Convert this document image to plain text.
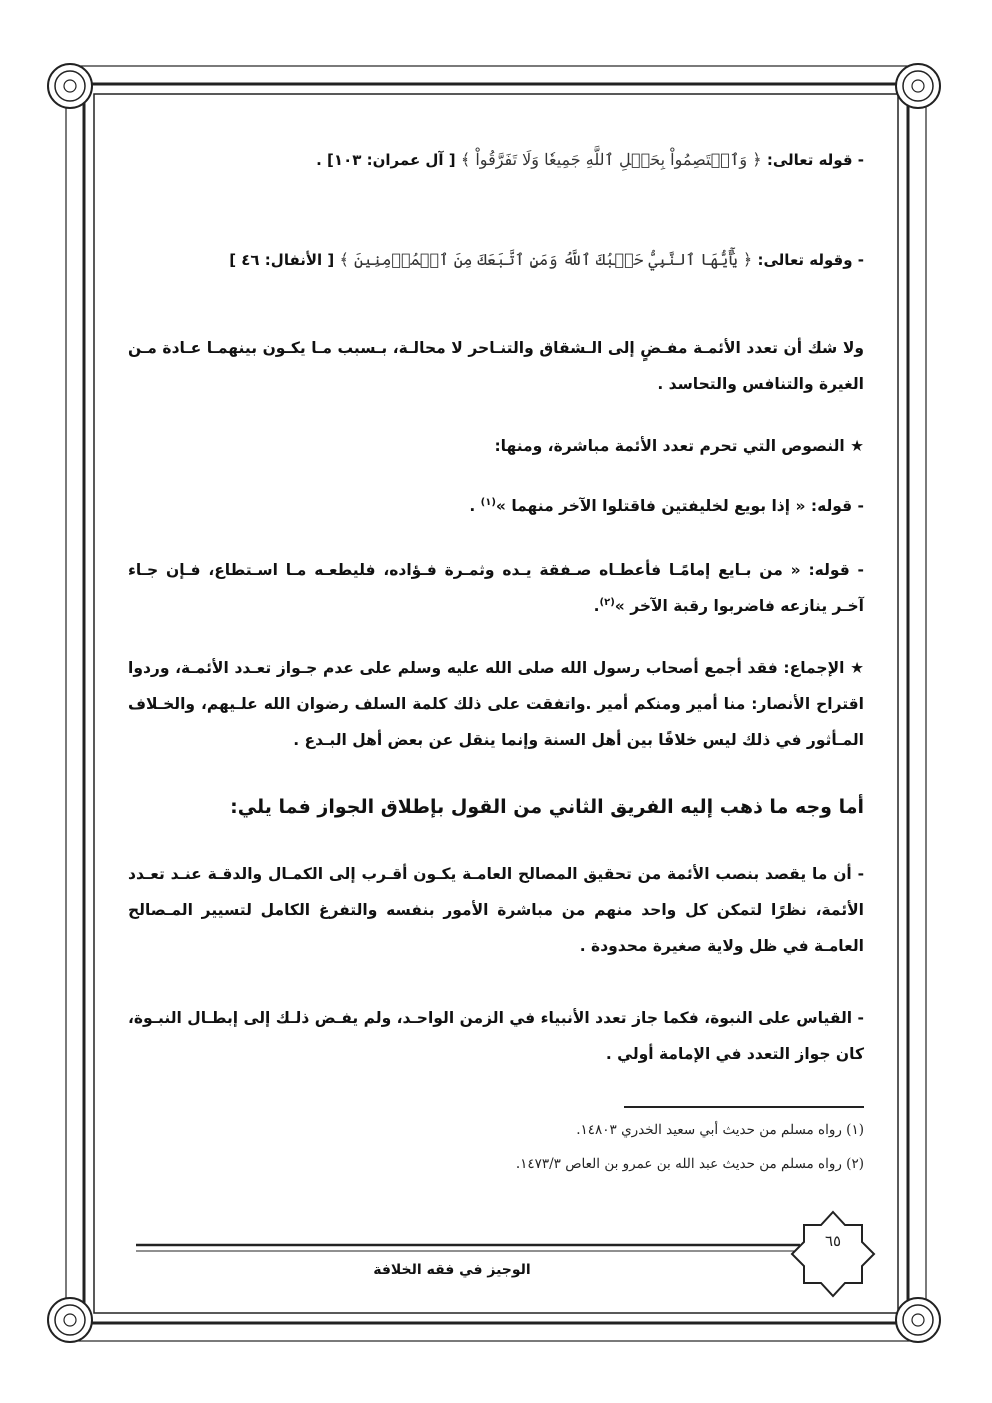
- قوله تعالى: ﴿ وَٱعۡتَصِمُواْ بِحَبۡلِ ٱللَّهِ جَمِيعٗا وَلَا تَفَرَّقُواْ ﴾ [ آل عمران: ١٠٣] .
- وقوله تعالى: ﴿ يَٰٓأَيُّهَا ٱلنَّبِيُّ حَسۡبُكَ ٱللَّهُ وَمَنِ ٱتَّبَعَكَ مِنَ ٱلۡمُؤۡمِنِينَ ﴾ [ الأنفال: ٤٦ ]
ولا شك أن تعدد الأئمـة مفـضٍ إلى الـشقاق والتنـاحر لا محالـة، بـسبب مـا يكـون بينهمـا عـادة مـن الغيرة والتنافس والتحاسد .
★ النصوص التي تحرم تعدد الأئمة مباشرة، ومنها:
- قوله: « إذا بويع لخليفتين فاقتلوا الآخر منهما »$^{(١)}$ .
- قوله: « من بـايع إمامًـا فأعطـاه صـفقة يـده وثمـرة فـؤاده، فليطعـه مـا اسـتطاع، فـإن جـاء آخـر ينازعه فاضربوا رقبة الآخر »$^{(٢)}$.
★ الإجماع: فقد أجمع أصحاب رسول الله صلى الله عليه وسلم على عدم جـواز تعـدد الأئمـة، وردوا اقتراح الأنصار: منا أمير ومنكم أمير .واتفقت على ذلك كلمة السلف رضوان الله علـيهم، والخـلاف المـأثور في ذلك ليس خلافًا بين أهل السنة وإنما ينقل عن بعض أهل البـدع .
أما وجه ما ذهب إليه الفريق الثاني من القول بإطلاق الجواز فما يلي:
- أن ما يقصد بنصب الأئمة من تحقيق المصالح العامـة يكـون أقـرب إلى الكمـال والدقـة عنـد تعـدد الأئمة، نظرًا لتمكن كل واحد منهم من مباشرة الأمور بنفسه والتفرغ الكامل لتسيير المـصالح العامـة في ظل ولاية صغيرة محدودة .
- القياس على النبوة، فكما جاز تعدد الأنبياء في الزمن الواحـد، ولم يفـض ذلـك إلى إبطـال النبـوة، كان جواز التعدد في الإمامة أولي .
(١) رواه مسلم من حديث أبي سعيد الخدري ١٤٨٠٣.
(٢) رواه مسلم من حديث عبد الله بن عمرو بن العاص ١٤٧٣/٣.
الوجيز في فقه الخلافة
٦٥
